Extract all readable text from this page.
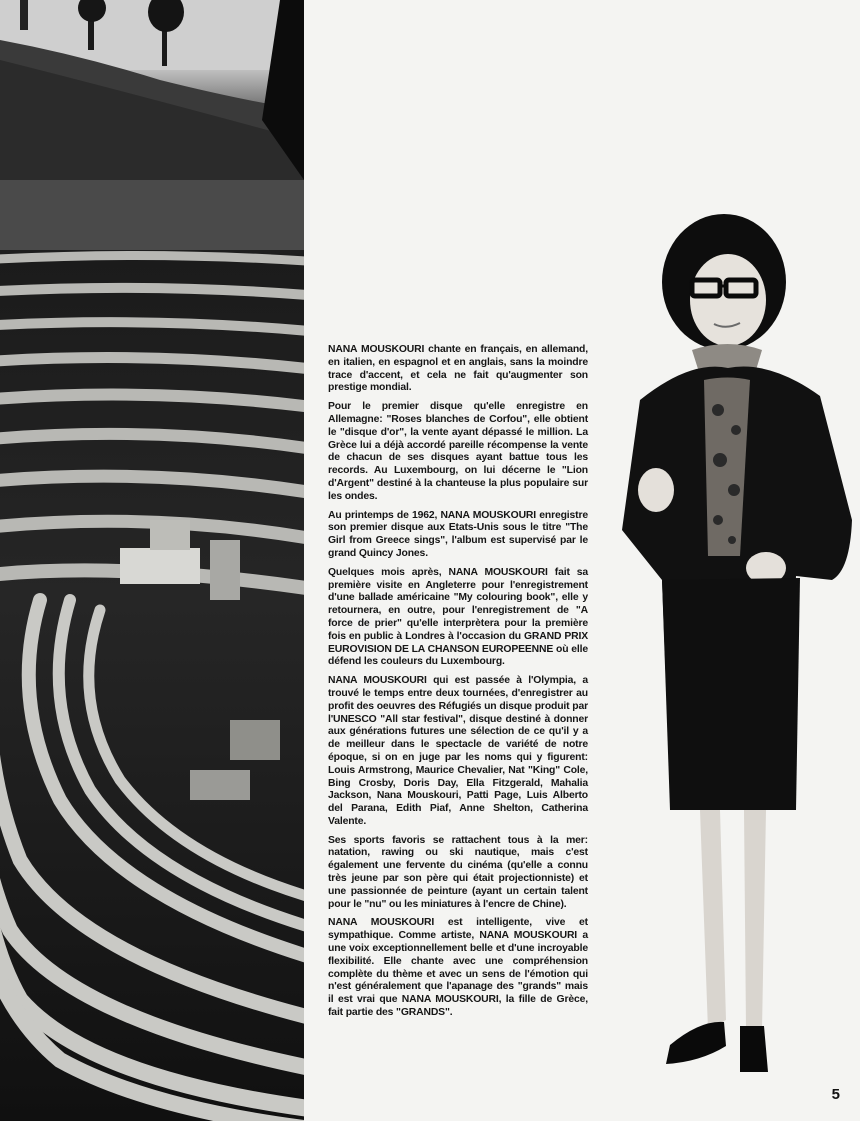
NANA MOUSKOURI chante en français, en allemand, en italien, en espagnol et en anglais, sans la moindre trace d'accent, et cela ne fait qu'augmenter son prestige mondial.

Pour le premier disque qu'elle enregistre en Allemagne: "Roses blanches de Corfou", elle obtient le "disque d'or", la vente ayant dépassé le million. La Grèce lui a déjà accordé pareille récompense la vente de chacun de ses disques ayant battue tous les records. Au Luxembourg, on lui décerne le "Lion d'Argent" destiné à la chanteuse la plus populaire sur les ondes.

Au printemps de 1962, NANA MOUSKOURI enregistre son premier disque aux Etats-Unis sous le titre "The Girl from Greece sings", l'album est supervisé par le grand Quincy Jones.

Quelques mois après, NANA MOUSKOURI fait sa première visite en Angleterre pour l'enregistrement d'une ballade américaine "My colouring book", elle y retournera, en outre, pour l'enregistrement de "A force de prier" qu'elle interprètera pour la première fois en public à Londres à l'occasion du GRAND PRIX EUROVISION DE LA CHANSON EUROPEENNE où elle défend les couleurs du Luxembourg.

NANA MOUSKOURI qui est passée à l'Olympia, a trouvé le temps entre deux tournées, d'enregistrer au profit des oeuvres des Réfugiés un disque produit par l'UNESCO "All star festival", disque destiné à donner aux générations futures une sélection de ce qu'il y a de meilleur dans le spectacle de variété de notre époque, si on en juge par les noms qui y figurent: Louis Armstrong, Maurice Chevalier, Nat "King" Cole, Bing Crosby, Doris Day, Ella Fitzgerald, Mahalia Jackson, Nana Mouskouri, Patti Page, Luis Alberto del Parana, Edith Piaf, Anne Shelton, Catherina Valente.

Ses sports favoris se rattachent tous à la mer: natation, rawing ou ski nautique, mais c'est également une fervente du cinéma (qu'elle a connu très jeune par son père qui était projectionniste) et une passionnée de peinture (ayant un certain talent pour le "nu" ou les miniatures à l'encre de Chine).

NANA MOUSKOURI est intelligente, vive et sympathique. Comme artiste, NANA MOUSKOURI a une voix exceptionnellement belle et d'une incroyable flexibilité. Elle chante avec une compréhension complète du thème et avec un sens de l'émotion qui n'est généralement que l'apanage des "grands" mais il est vrai que NANA MOUSKOURI, la fille de Grèce, fait partie des "GRANDS".

5
